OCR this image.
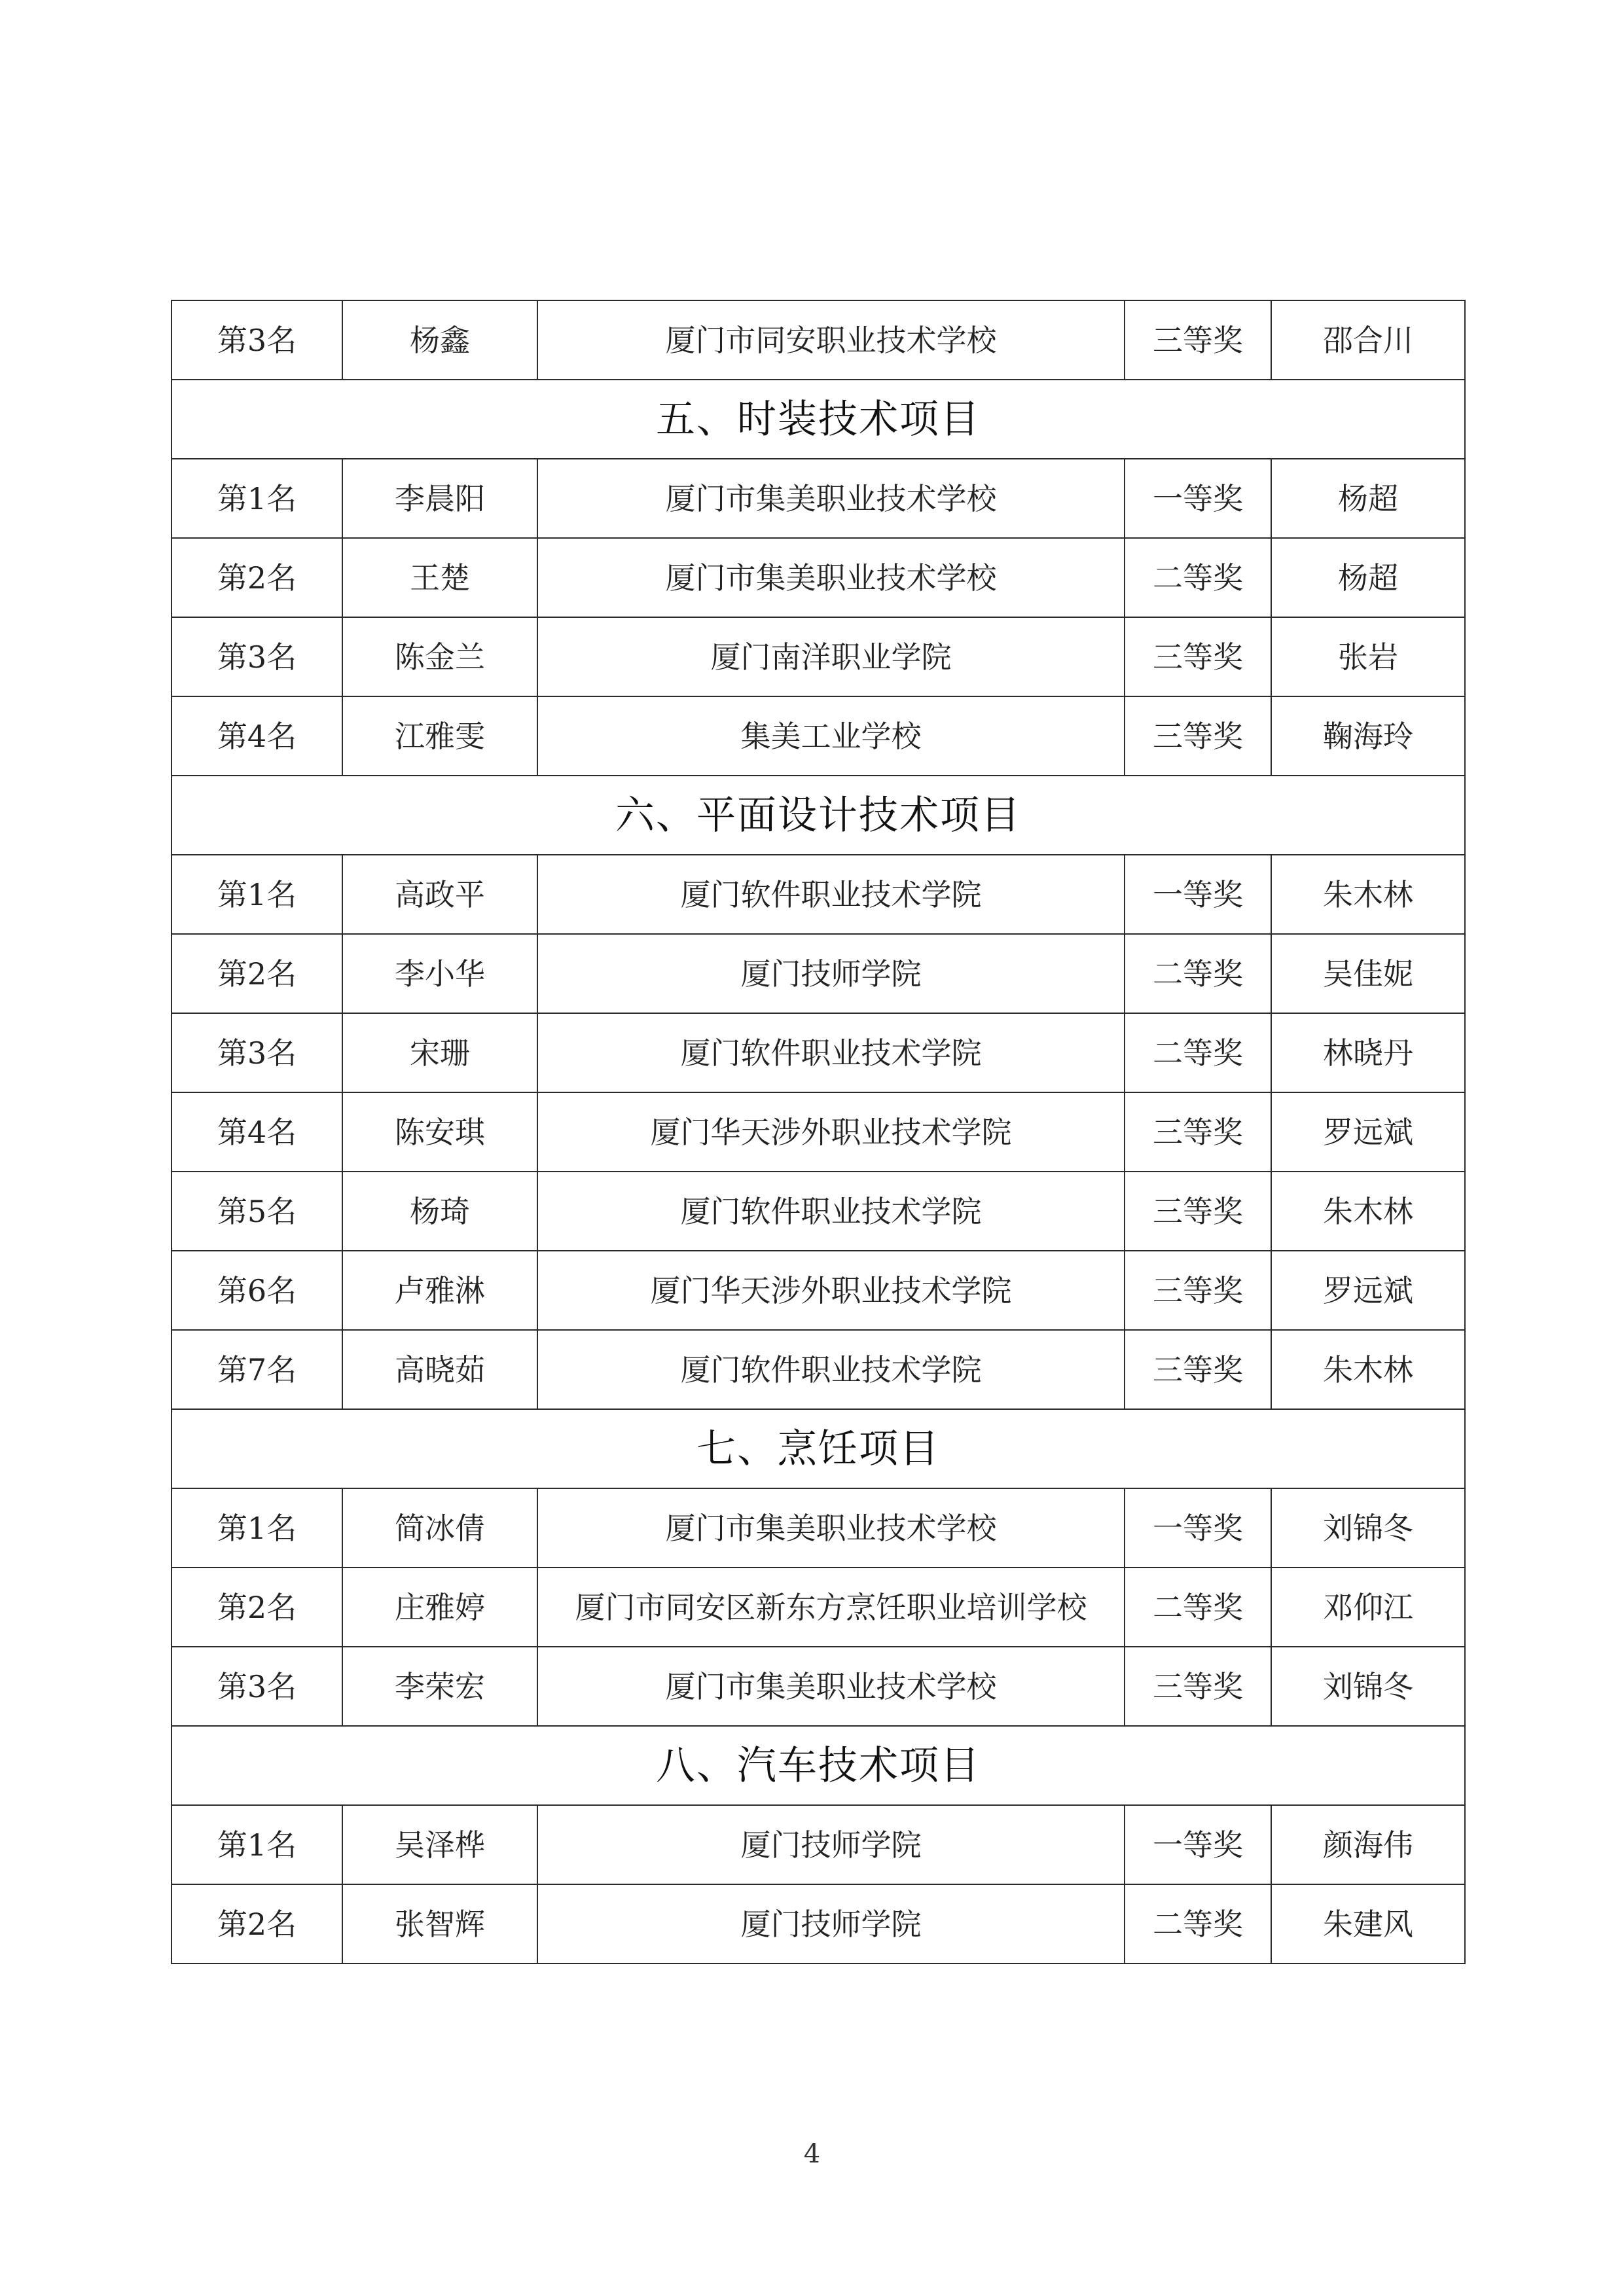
第3名	杨鑫	厦门市同安职业技术学校	三等奖	邵合川
五、时装技术项目				
第1名	李晨阳	厦门市集美职业技术学校	一等奖	杨超
第2名	王楚	厦门市集美职业技术学校	二等奖	杨超
第3名	陈金兰	厦门南洋职业学院	三等奖	张岩
第4名	江雅雯	集美工业学校	三等奖	鞠海玲
六、平面设计技术项目				
第1名	高政平	厦门软件职业技术学院	一等奖	朱木林
第2名	李小华	厦门技师学院	二等奖	吴佳妮
第3名	宋珊	厦门软件职业技术学院	二等奖	林晓丹
第4名	陈安琪	厦门华天涉外职业技术学院	三等奖	罗远斌
第5名	杨琦	厦门软件职业技术学院	三等奖	朱木林
第6名	卢雅淋	厦门华天涉外职业技术学院	三等奖	罗远斌
第7名	高晓茹	厦门软件职业技术学院	三等奖	朱木林
七、烹饪项目				
第1名	简冰倩	厦门市集美职业技术学校	一等奖	刘锦冬
第2名	庄雅婷	厦门市同安区新东方烹饪职业培训学校	二等奖	邓仰江
第3名	李荣宏	厦门市集美职业技术学校	三等奖	刘锦冬
八、汽车技术项目				
第1名	吴泽桦	厦门技师学院	一等奖	颜海伟
第2名	张智辉	厦门技师学院	二等奖	朱建风
4
